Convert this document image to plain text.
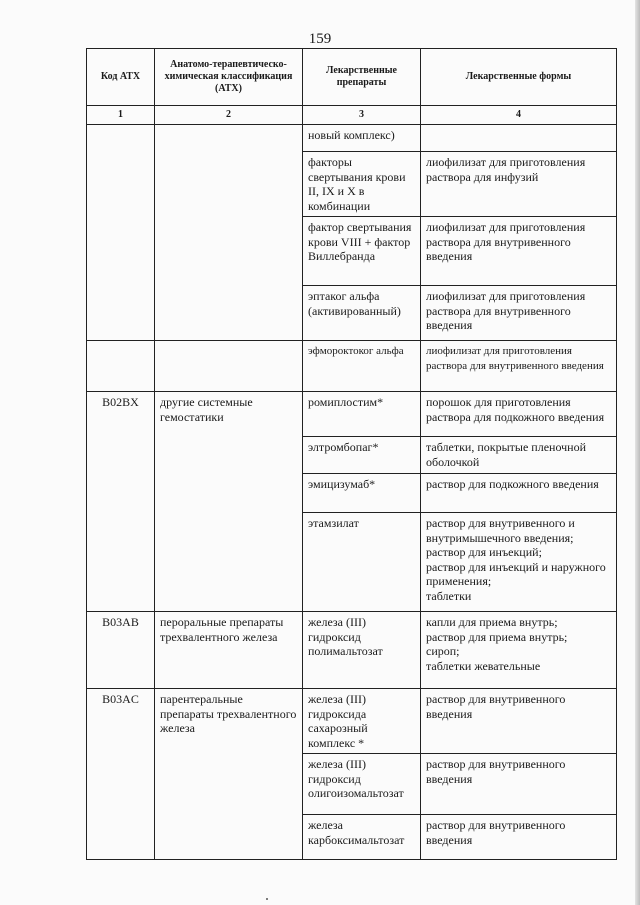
159
Код АТХ	Анатомо-терапевтическо-химическая классификация (АТХ)	Лекарственные препараты	Лекарственные формы
1	2	3	4
		новый комплекс)	
		факторы свертывания крови II, IX и X в комбинации	лиофилизат для приготовления раствора для инфузий
		фактор свертывания крови VIII + фактор Виллебранда	лиофилизат для приготовления раствора для внутривенного введения
		эптаког альфа (активированный)	лиофилизат для приготовления раствора для внутривенного введения
		эфмороктоког альфа	лиофилизат для приготовления раствора для внутривенного введения
B02BX	другие системные гемостатики	ромиплостим*	порошок для приготовления раствора для подкожного введения
		элтромбопаг*	таблетки, покрытые пленочной оболочкой
		эмицизумаб*	раствор для подкожного введения
		этамзилат	раствор для внутривенного и внутримышечного введения;
раствор для инъекций;
раствор для инъекций и наружного применения;
таблетки
B03AB	пероральные препараты трехвалентного железа	железа (III) гидроксид полимальтозат	капли для приема внутрь;
раствор для приема внутрь;
сироп;
таблетки жевательные
B03AC	парентеральные препараты трехвалентного железа	железа (III) гидроксида сахарозный комплекс *	раствор для внутривенного введения
		железа (III) гидроксид олигоизомальтозат	раствор для внутривенного введения
		железа карбоксимальтозат	раствор для внутривенного введения
